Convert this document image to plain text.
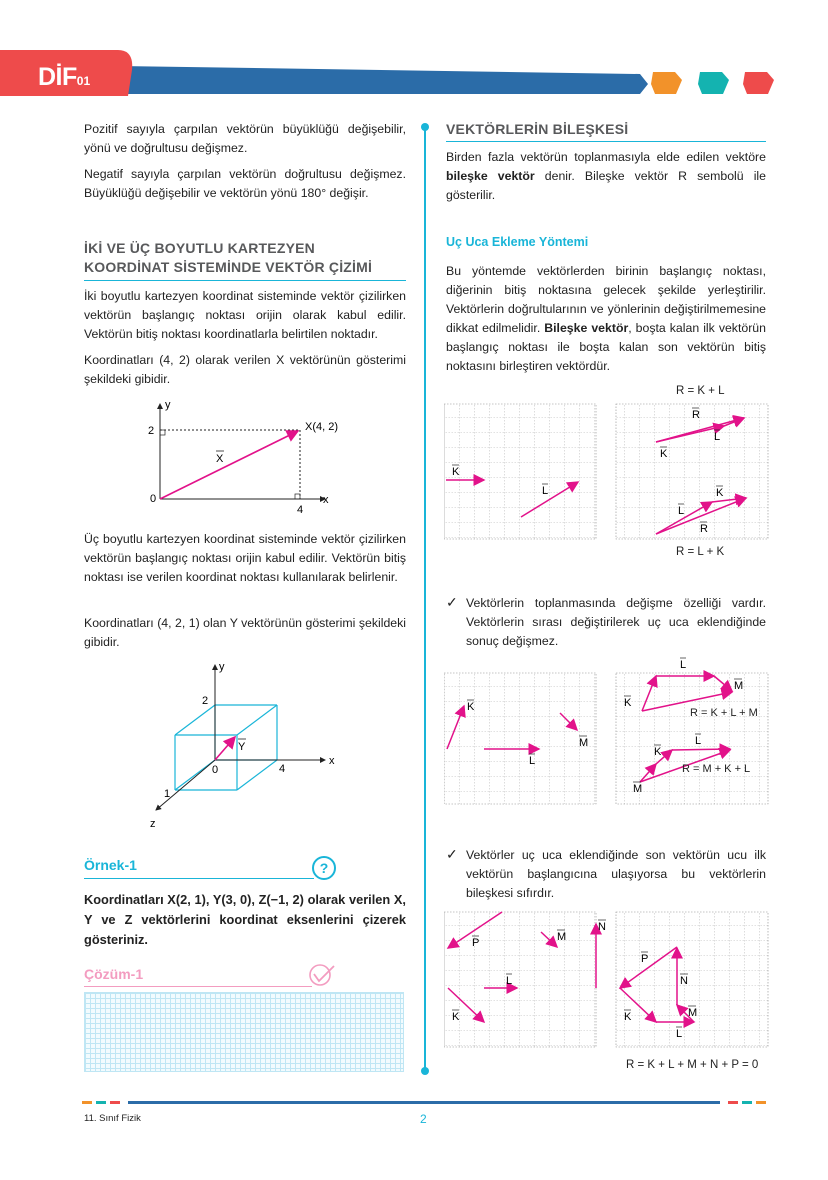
DİF01
Pozitif sayıyla çarpılan vektörün büyüklüğü değişebilir, yönü ve doğrultusu değişmez.
Negatif sayıyla çarpılan vektörün doğrultusu değişmez. Büyüklüğü değişebilir ve vektörün yönü 180° değişir.
İKİ VE ÜÇ BOYUTLU KARTEZYEN
KOORDİNAT SİSTEMİNDE VEKTÖR ÇİZİMİ
İki boyutlu kartezyen koordinat sisteminde vektör çizilirken vektörün başlangıç noktası orijin olarak kabul edilir. Vektörün bitiş noktası koordinatlarla belirtilen noktadır.
Koordinatları (4, 2) olarak verilen X vektörünün gösterimi şekildeki gibidir.
y
x
2
4
0
X(4, 2)
X
Üç boyutlu kartezyen koordinat sisteminde vektör çizilirken vektörün başlangıç noktası orijin kabul edilir. Vektörün bitiş noktası ise verilen koordinat noktası kullanılarak belirlenir.
Koordinatları (4, 2, 1) olan Y vektörünün gösterimi şekildeki gibidir.
y
x
z
2
4
1
0
Y
Örnek-1	?
Koordinatları X(2, 1), Y(3, 0), Z(−1, 2) olarak verilen X, Y ve Z vektörlerini koordinat eksenlerini çizerek gösteriniz.
Çözüm-1
VEKTÖRLERİN BİLEŞKESİ
Birden fazla vektörün toplanmasıyla elde edilen vektöre bileşke vektör denir. Bileşke vektör R sembolü ile gösterilir.
Uç Uca Ekleme Yöntemi
Bu yöntemde vektörlerden birinin başlangıç noktası, diğerinin bitiş noktasına gelecek şekilde yerleştirilir. Vektörlerin doğrultularının ve yönlerinin değiştirilmemesine dikkat edilmelidir. Bileşke vektör, boşta kalan ilk vektörün başlangıç noktası ile boşta kalan son vektörün bitiş noktasını birleştiren vektördür.
R = K + L
K
L
R
L
K
K
L
R
R = L + K
✓ Vektörlerin toplanmasında değişme özelliği vardır. Vektörlerin sırası değiştirilerek uç uca eklendiğinde sonuç değişmez.
K
L
M
L
M
K
K
L
M
R = K + L + M
R = M + K + L
✓ Vektörler uç uca eklendiğinde son vektörün ucu ilk vektörün başlangıcına ulaşıyorsa bu vektörlerin bileşkesi sıfırdır.
P	M
N
L
K
P
N
K	M
L
R = K + L + M + N + P = 0
11. Sınıf Fizik	2
